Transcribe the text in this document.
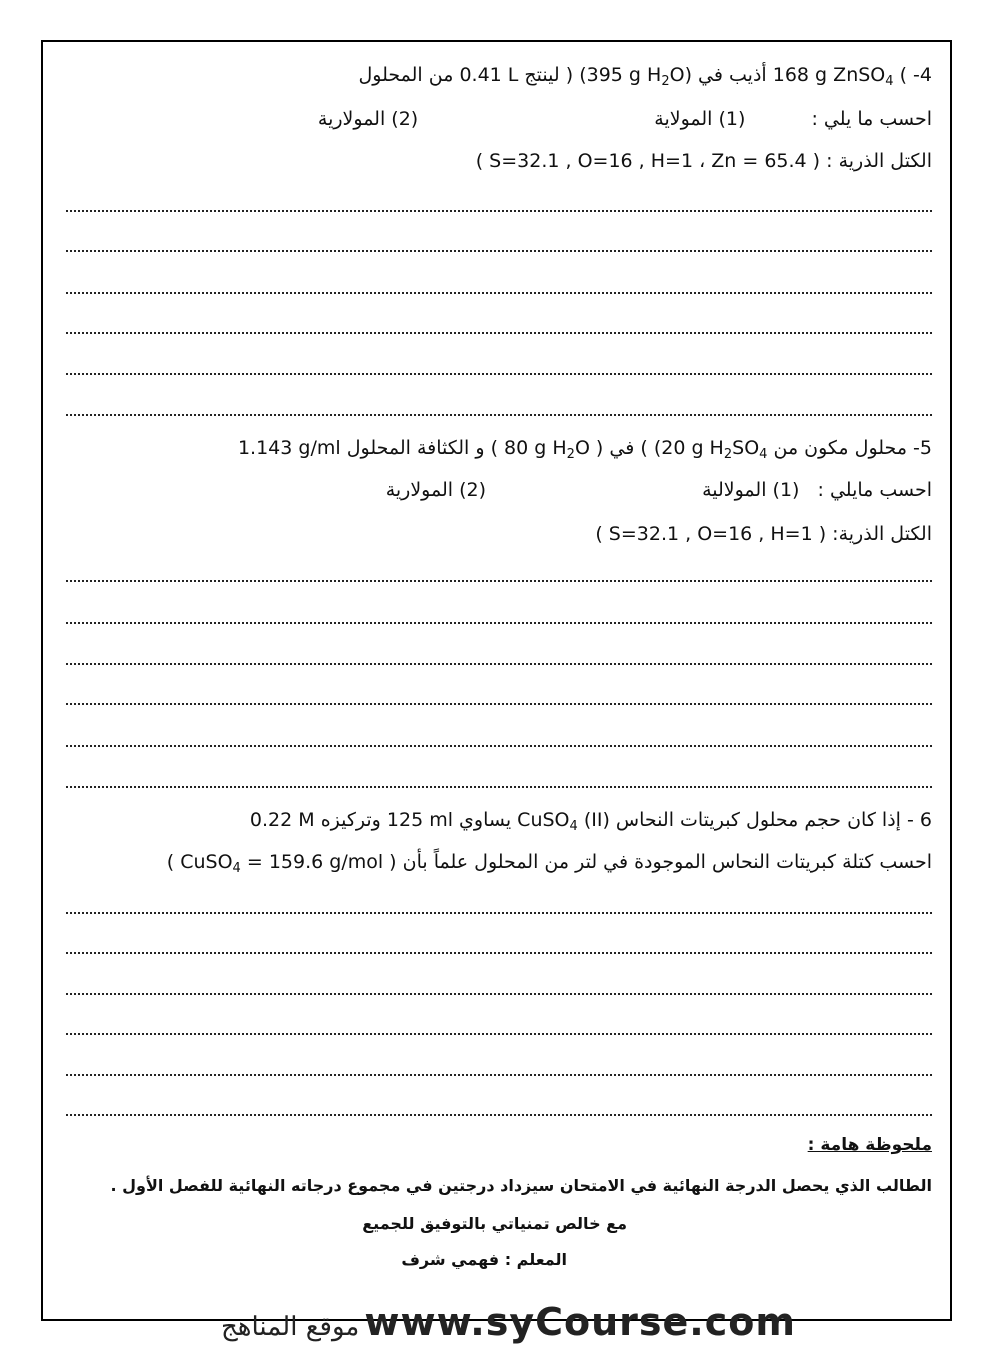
4- ( 168 g ZnSO$_4$ أذيب في (395 g $H_2O$) ) لينتج 0.41 L من المحلول
احسب ما يلي : (1) المولاية (2) المولارية
الكتل الذرية : ( S=32.1 , O=16 , H=1 ، Zn = 65.4 )
5- محلول مكون من (20 g $H_2SO_4$ ) في ( 80 g $H_2O$ ) و الكثافة المحلول 1.143 g/ml
احسب مايلي : (1) المولالية (2) المولارية
الكتل الذرية: ( S=32.1 , O=16 , H=1 )
6 - إذا كان حجم محلول كبريتات النحاس (II) CuSO$_4$ يساوي 125 ml وتركيزه 0.22 M
احسب كتلة كبريتات النحاس الموجودة في لتر من المحلول علماً بأن ( CuSO$_4$ = 159.6 g/mol )
ملحوظة هامة :
الطالب الذي يحصل الدرجة النهائية في الامتحان سيزداد درجتين في مجموع درجاته النهائية للفصل الأول .
مع خالص تمنياتي بالتوفيق للجميع
المعلم : فهمي شرف
موقع المناهج www.syCourse.com
